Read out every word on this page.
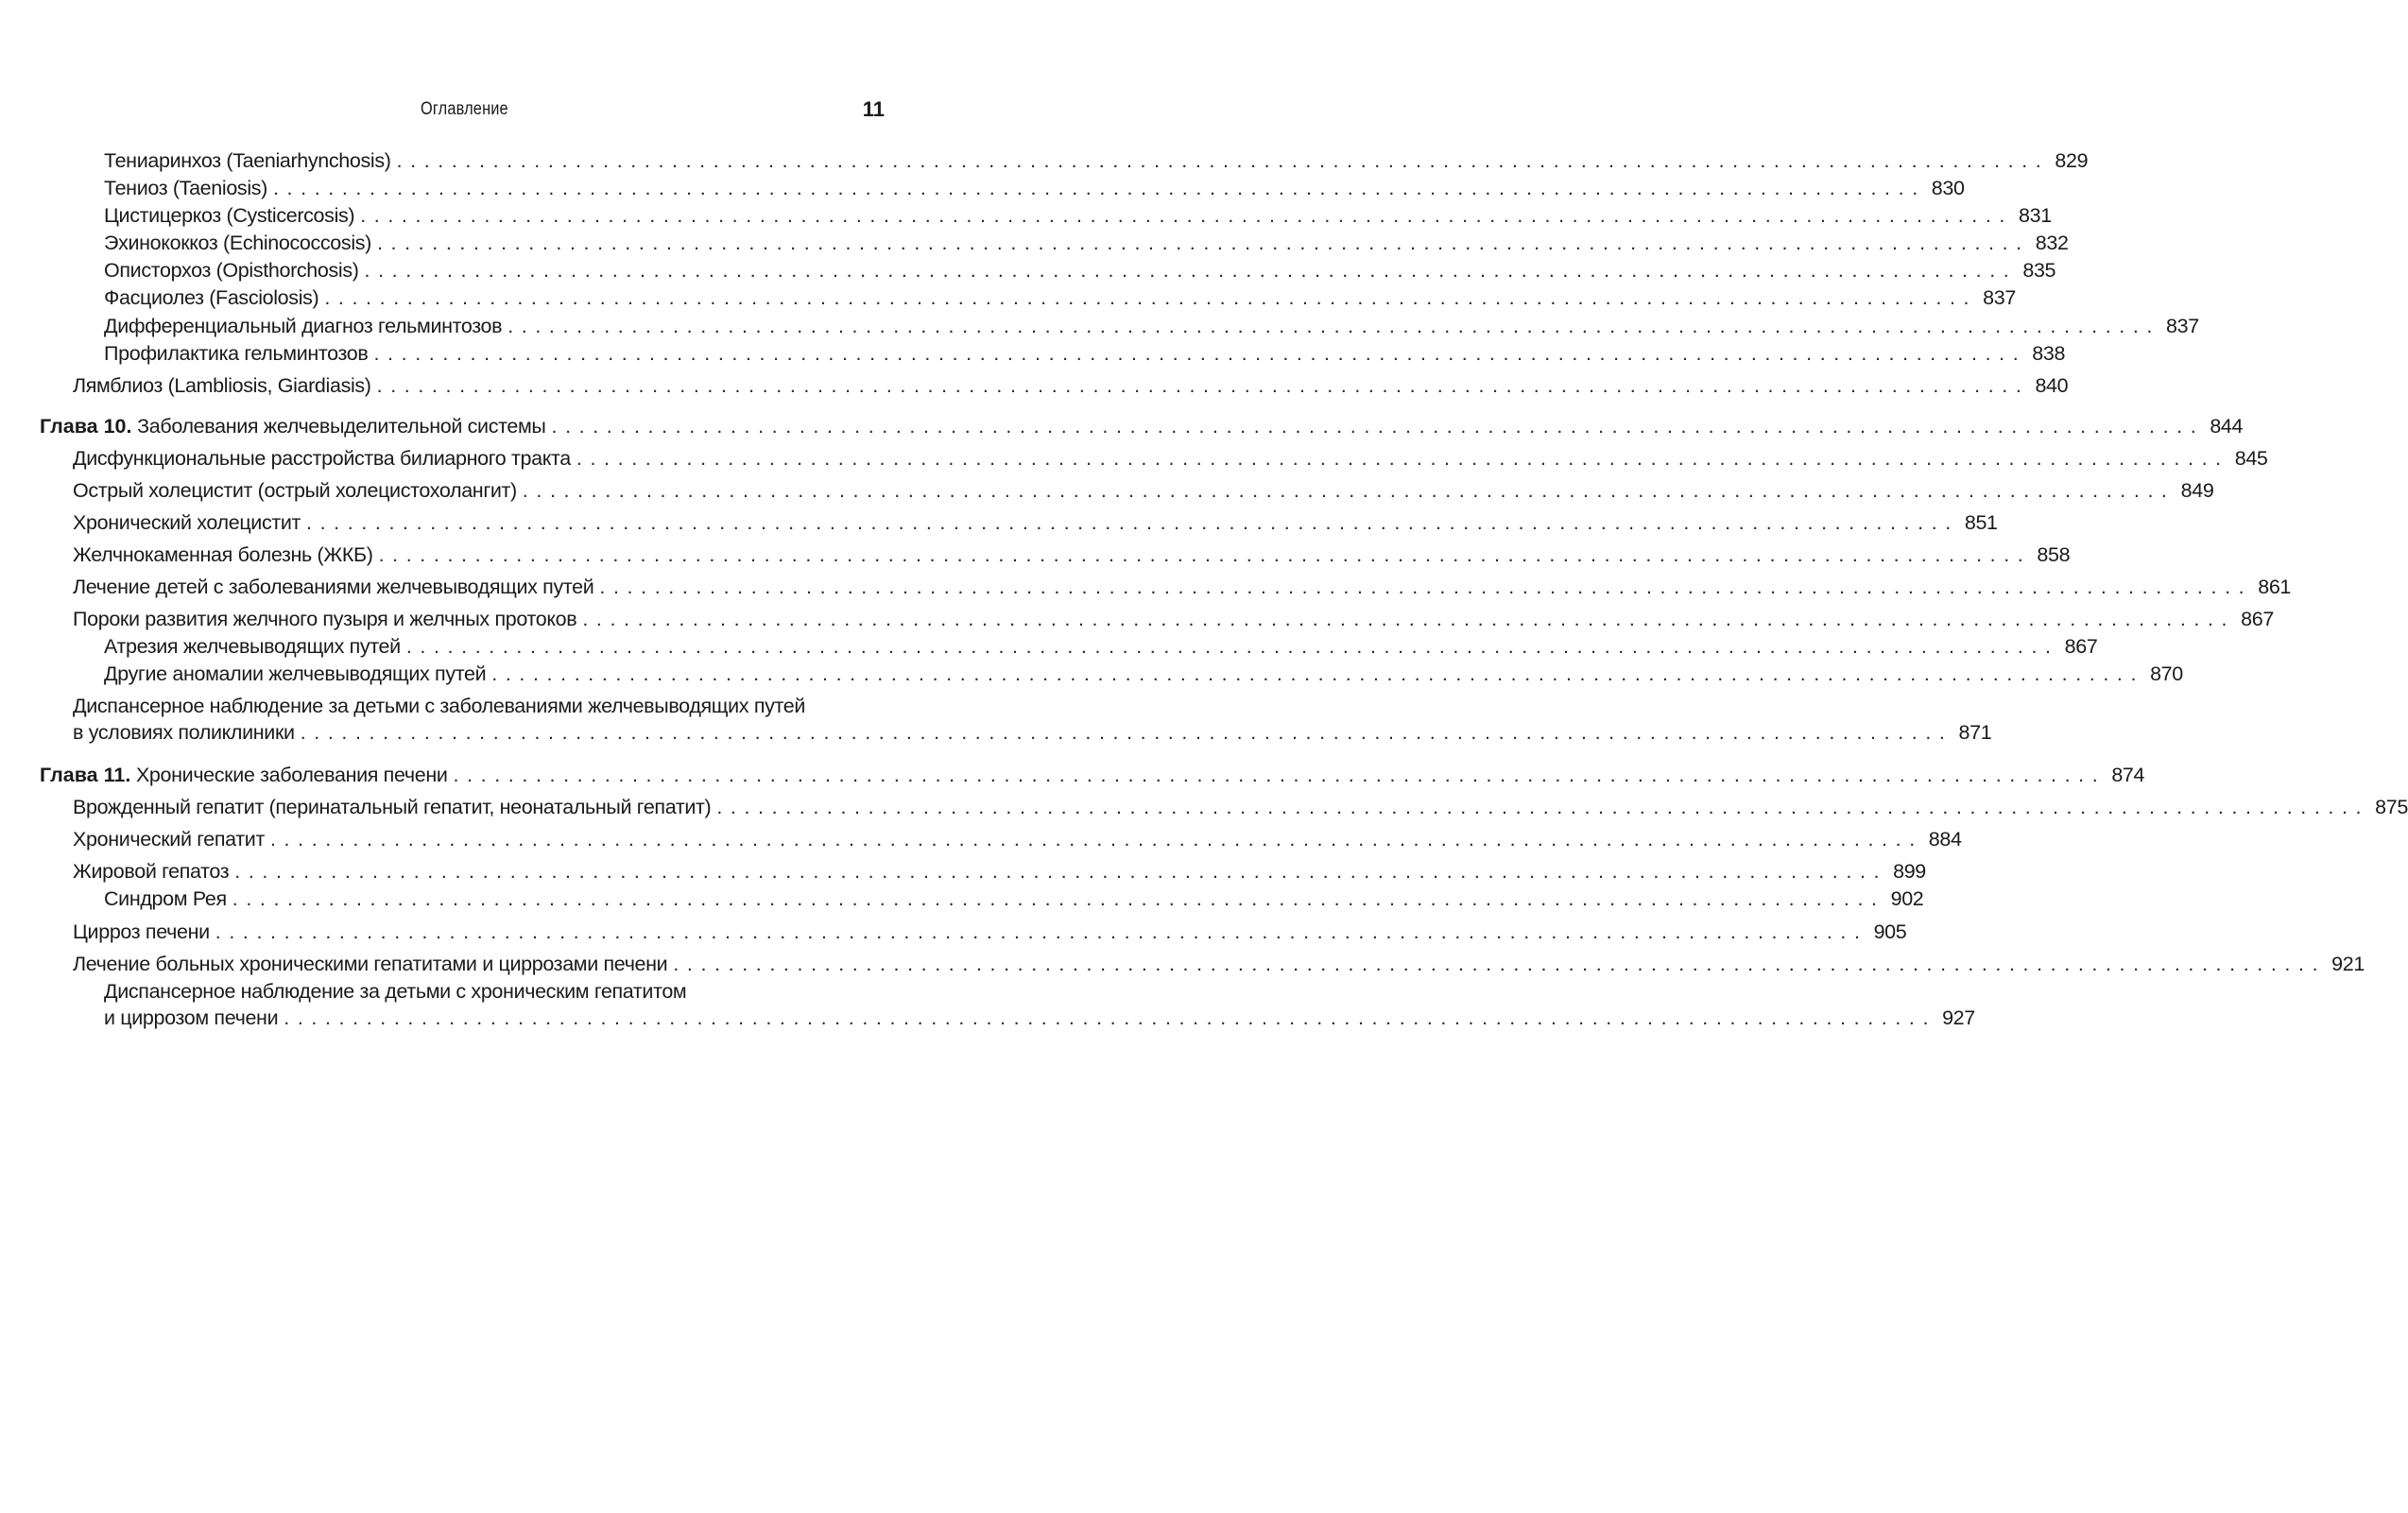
Оглавление	11
Тениаринхоз (Taeniarhynchosis) ........................................................................................................................ 829
Тениоз (Taeniosis) ........................................................................................................................ 830
Цистицеркоз (Cysticercosis) ........................................................................................................................ 831
Эхинококкоз (Echinococcosis) ........................................................................................................................ 832
Описторхоз (Opisthorchosis) ........................................................................................................................ 835
Фасциолез (Fasciolosis) ........................................................................................................................ 837
Дифференциальный диагноз гельминтозов ........................................................................................................................ 837
Профилактика гельминтозов ........................................................................................................................ 838
Лямблиоз (Lambliosis, Giardiasis) ........................................................................................................................ 840
Глава 10. Заболевания желчевыделительной системы ........................................................................................................................ 844
Дисфункциональные расстройства билиарного тракта ........................................................................................................................ 845
Острый холецистит (острый холецистохолангит) ........................................................................................................................ 849
Хронический холецистит ........................................................................................................................ 851
Желчнокаменная болезнь (ЖКБ) ........................................................................................................................ 858
Лечение детей с заболеваниями желчевыводящих путей ........................................................................................................................ 861
Пороки развития желчного пузыря и желчных протоков ........................................................................................................................ 867
Атрезия желчевыводящих путей ........................................................................................................................ 867
Другие аномалии желчевыводящих путей ........................................................................................................................ 870
Диспансерное наблюдение за детьми с заболеваниями желчевыводящих путей
в условиях поликлиники ........................................................................................................................ 871
Глава 11. Хронические заболевания печени ........................................................................................................................ 874
Врожденный гепатит (перинатальный гепатит, неонатальный гепатит) ........................................................................................................................ 875
Хронический гепатит ........................................................................................................................ 884
Жировой гепатоз ........................................................................................................................ 899
Синдром Рея ........................................................................................................................ 902
Цирроз печени ........................................................................................................................ 905
Лечение больных хроническими гепатитами и циррозами печени ........................................................................................................................ 921
Диспансерное наблюдение за детьми с хроническим гепатитом
и циррозом печени ........................................................................................................................ 927
